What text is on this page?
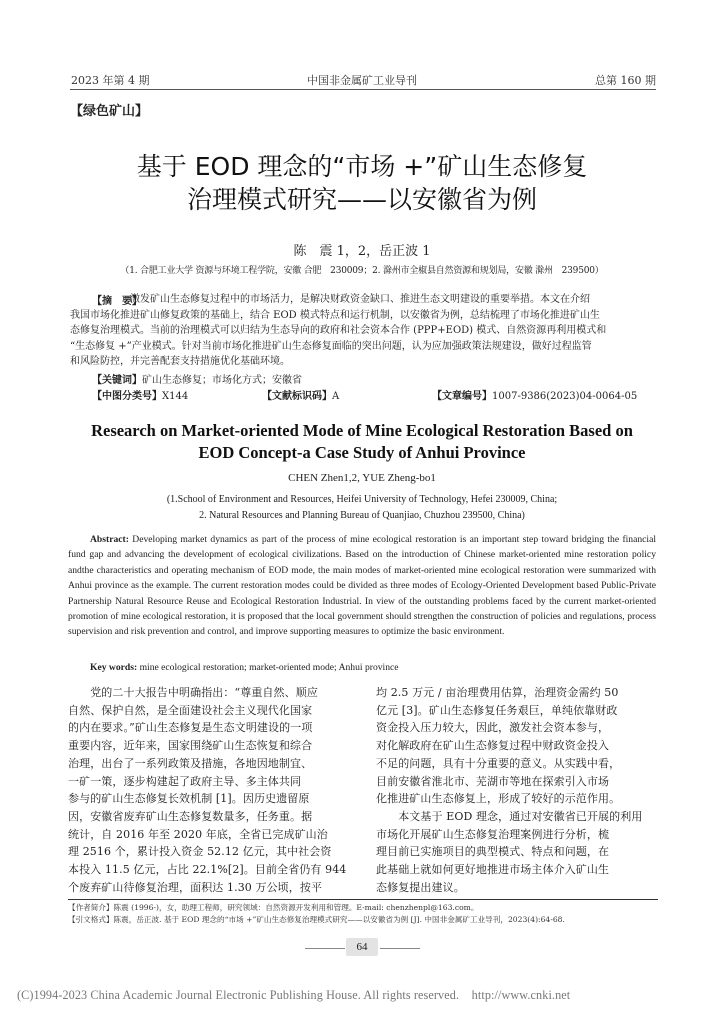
2023 年第 4 期	中国非金属矿工业导刊	总第 160 期
【绿色矿山】
基于 EOD 理念的“市场 +”矿山生态修复
治理模式研究——以安徽省为例
陈　震 1，2，岳正波 1
（1. 合肥工业大学 资源与环境工程学院，安徽 合肥　230009；2. 滁州市全椒县自然资源和规划局，安徽 滁州　239500）
【摘　要】
激发矿山生态修复过程中的市场活力，是解决财政资金缺口、推进生态文明建设的重要举措。本文在介绍
我国市场化推进矿山修复政策的基础上，结合 EOD 模式特点和运行机制，以安徽省为例，总结梳理了市场化推进矿山生
态修复治理模式。当前的治理模式可以归结为生态导向的政府和社会资本合作 (PPP+EOD) 模式、自然资源再利用模式和
“生态修复 +”产业模式。针对当前市场化推进矿山生态修复面临的突出问题，认为应加强政策法规建设，做好过程监管
和风险防控，并完善配套支持措施优化基础环境。
【关键词】矿山生态修复；市场化方式；安徽省
【中图分类号】X144	【文献标识码】A	【文章编号】1007-9386(2023)04-0064-05
Research on Market-oriented Mode of Mine Ecological Restoration Based on
EOD Concept-a Case Study of Anhui Province
CHEN Zhen1,2, YUE Zheng-bo1
(1.School of Environment and Resources, Heifei University of Technology, Hefei 230009, China;
2. Natural Resources and Planning Bureau of Quanjiao, Chuzhou 239500, China)
Abstract: Developing market dynamics as part of the process of mine ecological restoration is an important step toward bridging the financial fund gap and advancing the development of ecological civilizations. Based on the introduction of Chinese market-oriented mine restoration policy andthe characteristics and operating mechanism of EOD mode, the main modes of market-oriented mine ecological restoration were summarized with Anhui province as the example. The current restoration modes could be divided as three modes of Ecology-Oriented Development based Public-Private Partnership Natural Resource Reuse and Ecological Restoration Industrial. In view of the outstanding problems faced by the current market-oriented promotion of mine ecological restoration, it is proposed that the local government should strengthen the construction of policies and regulations, process supervision and risk prevention and control, and improve supporting measures to optimize the basic environment.
Key words: mine ecological restoration; market-oriented mode; Anhui province
　　党的二十大报告中明确指出：“尊重自然、顺应
自然、保护自然，是全面建设社会主义现代化国家
的内在要求。”矿山生态修复是生态文明建设的一项
重要内容，近年来，国家围绕矿山生态恢复和综合
治理，出台了一系列政策及措施，各地因地制宜、
一矿一策，逐步构建起了政府主导、多主体共同
参与的矿山生态修复长效机制 [1]。因历史遗留原
因，安徽省废弃矿山生态修复数量多，任务重。据
统计，自 2016 年至 2020 年底，全省已完成矿山治
理 2516 个，累计投入资金 52.12 亿元，其中社会资
本投入 11.5 亿元，占比 22.1%[2]。目前全省仍有 944
个废弃矿山待修复治理，面积达 1.30 万公顷，按平
均 2.5 万元 / 亩治理费用估算，治理资金需约 50
亿元 [3]。矿山生态修复任务艰巨，单纯依靠财政
资金投入压力较大，因此，激发社会资本参与，
对化解政府在矿山生态修复过程中财政资金投入
不足的问题，具有十分重要的意义。从实践中看，
目前安徽省淮北市、芜湖市等地在探索引入市场
化推进矿山生态修复上，形成了较好的示范作用。
　　本文基于 EOD 理念，通过对安徽省已开展的利用
市场化开展矿山生态修复治理案例进行分析，梳
理目前已实施项目的典型模式、特点和问题，在
此基础上就如何更好地推进市场主体介入矿山生
态修复提出建议。
【作者简介】陈震 (1996-)，女，助理工程师，研究领域：自然资源开发利用和管理。E-mail: chenzhenpl@163.com。
【引文格式】陈震，岳正波. 基于 EOD 理念的“市场 +”矿山生态修复治理模式研究——以安徽省为例 [J]. 中国非金属矿工业导刊，2023(4):64-68.
64
(C)1994-2023 China Academic Journal Electronic Publishing House. All rights reserved.    http://www.cnki.net
